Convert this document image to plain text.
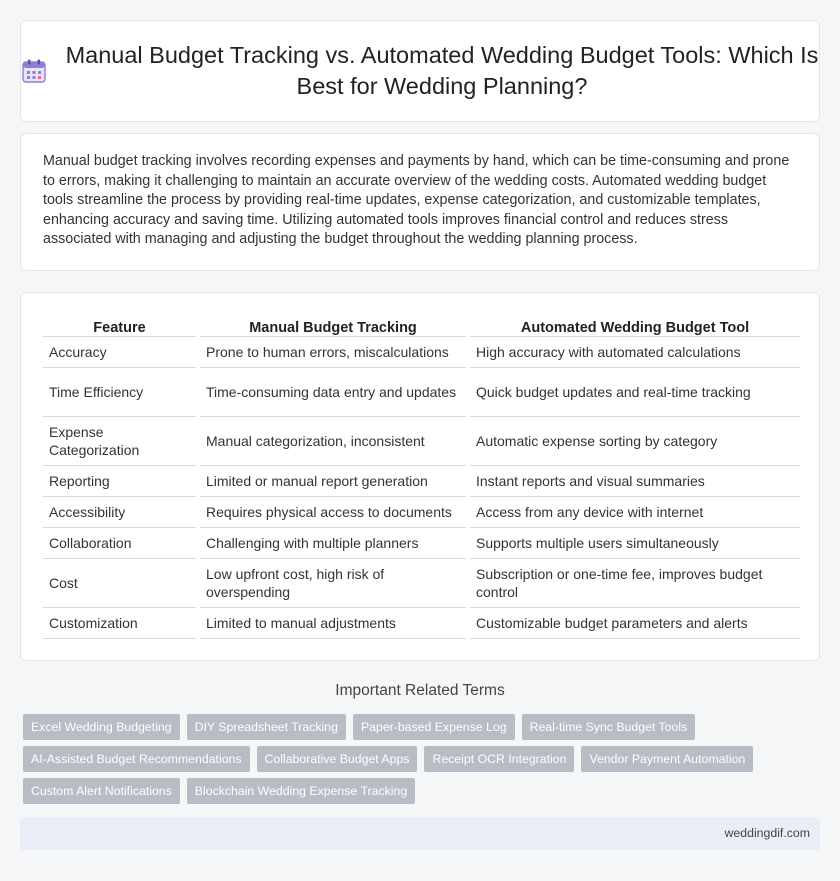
Manual Budget Tracking vs. Automated Wedding Budget Tools: Which Is Best for Wedding Planning?

Manual budget tracking involves recording expenses and payments by hand, which can be time-consuming and prone to errors, making it challenging to maintain an accurate overview of the wedding costs. Automated wedding budget tools streamline the process by providing real-time updates, expense categorization, and customizable templates, enhancing accuracy and saving time. Utilizing automated tools improves financial control and reduces stress associated with managing and adjusting the budget throughout the wedding planning process.

Feature		Manual Budget Tracking		Automated Wedding Budget Tool
Accuracy		Prone to human errors, miscalculations		High accuracy with automated calculations
Time Efficiency		Time-consuming data entry and updates		Quick budget updates and real-time tracking
Expense Categorization		Manual categorization, inconsistent		Automatic expense sorting by category
Reporting		Limited or manual report generation		Instant reports and visual summaries
Accessibility		Requires physical access to documents		Access from any device with internet
Collaboration		Challenging with multiple planners		Supports multiple users simultaneously
Cost		Low upfront cost, high risk of overspending		Subscription or one-time fee, improves budget control
Customization		Limited to manual adjustments		Customizable budget parameters and alerts
Important Related Terms
Excel Wedding Budgeting	DIY Spreadsheet Tracking	Paper-based Expense Log	Real-time Sync Budget Tools
AI-Assisted Budget Recommendations	Collaborative Budget Apps	Receipt OCR Integration	Vendor Payment Automation
Custom Alert Notifications	Blockchain Wedding Expense Tracking
weddingdif.com
